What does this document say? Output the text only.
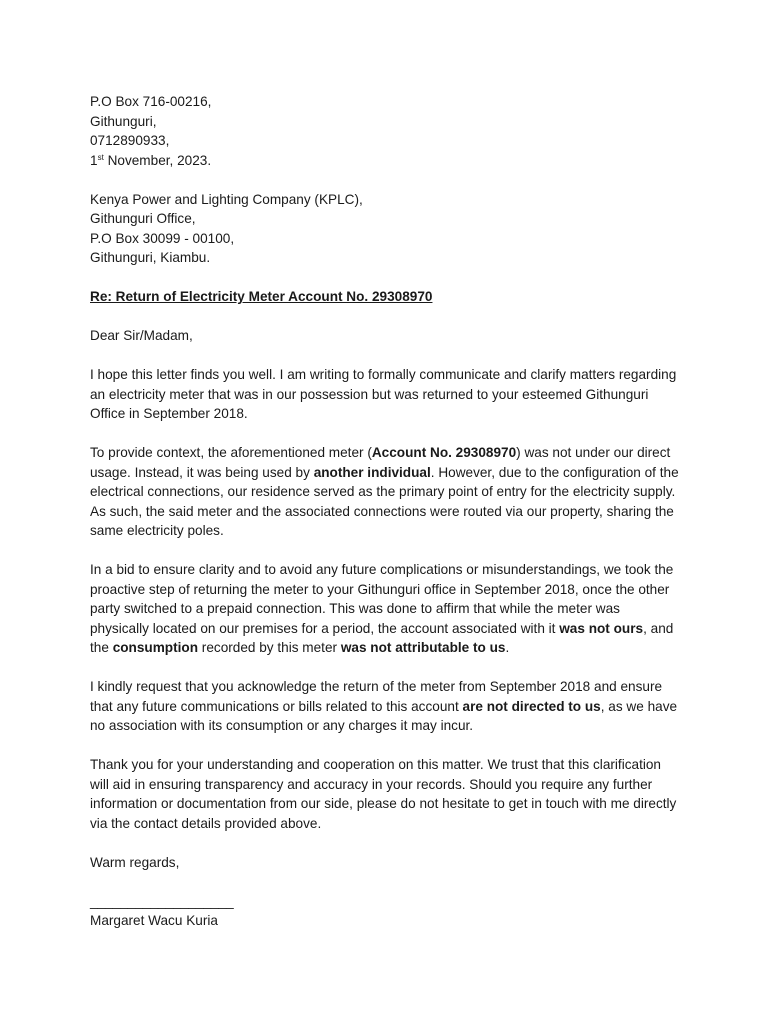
P.O Box 716-00216,
Githunguri,
0712890933,
1st November, 2023.

Kenya Power and Lighting Company (KPLC),
Githunguri Office,
P.O Box 30099 - 00100,
Githunguri, Kiambu.

Re: Return of Electricity Meter Account No. 29308970

Dear Sir/Madam,

I hope this letter finds you well. I am writing to formally communicate and clarify matters regarding an electricity meter that was in our possession but was returned to your esteemed Githunguri Office in September 2018.

To provide context, the aforementioned meter (Account No. 29308970) was not under our direct usage. Instead, it was being used by another individual. However, due to the configuration of the electrical connections, our residence served as the primary point of entry for the electricity supply. As such, the said meter and the associated connections were routed via our property, sharing the same electricity poles.

In a bid to ensure clarity and to avoid any future complications or misunderstandings, we took the proactive step of returning the meter to your Githunguri office in September 2018, once the other party switched to a prepaid connection. This was done to affirm that while the meter was physically located on our premises for a period, the account associated with it was not ours, and the consumption recorded by this meter was not attributable to us.

I kindly request that you acknowledge the return of the meter from September 2018 and ensure that any future communications or bills related to this account are not directed to us, as we have no association with its consumption or any charges it may incur.

Thank you for your understanding and cooperation on this matter. We trust that this clarification will aid in ensuring transparency and accuracy in your records. Should you require any further information or documentation from our side, please do not hesitate to get in touch with me directly via the contact details provided above.

Warm regards,

___________________
Margaret Wacu Kuria
